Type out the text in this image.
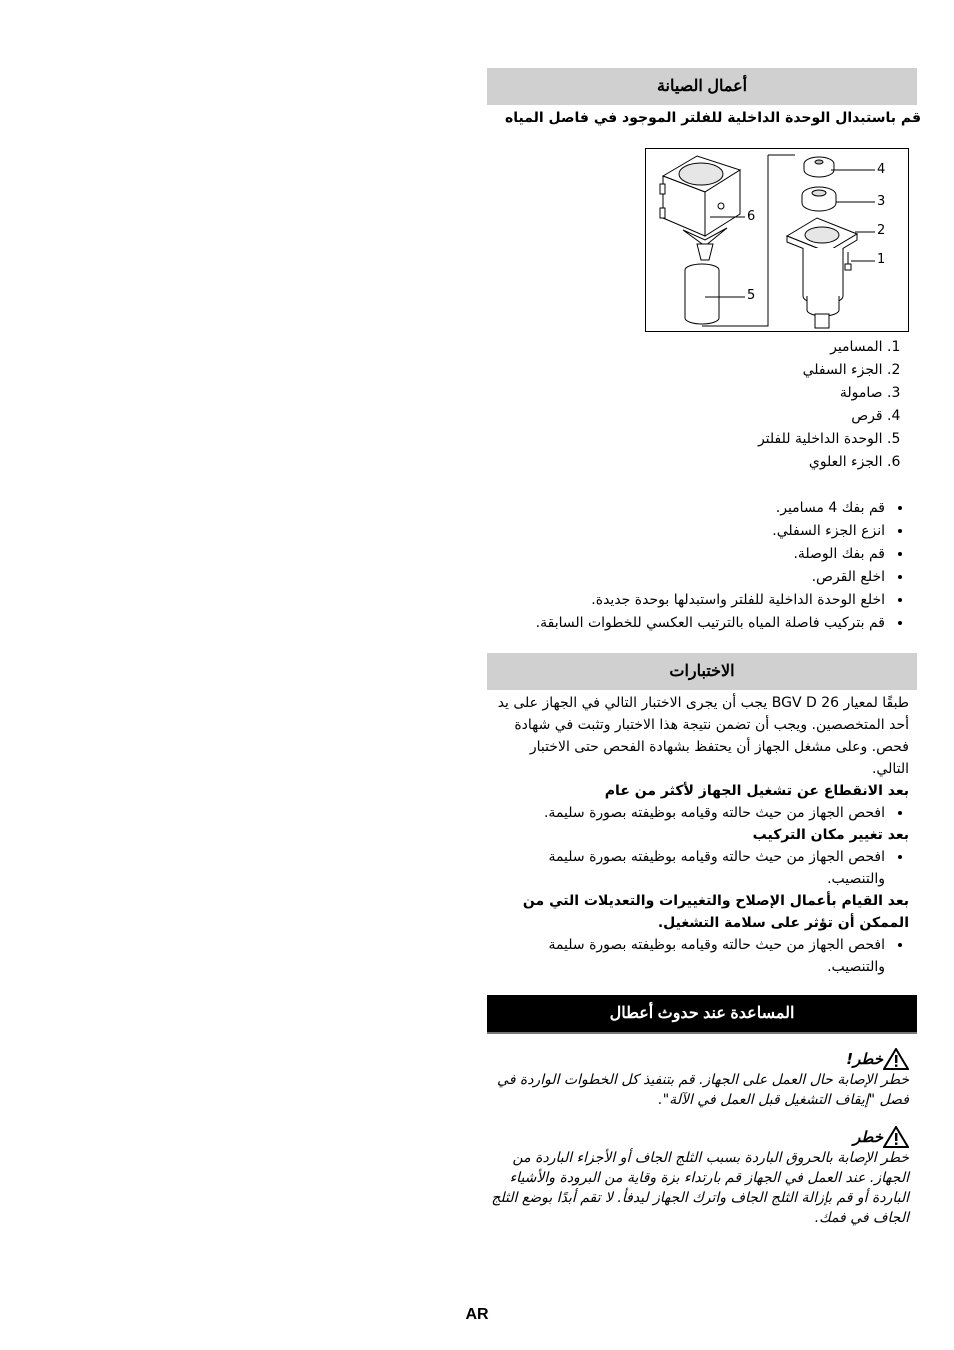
أعمال الصيانة
قم باستبدال الوحدة الداخلية للفلتر الموجود في فاصل المياه
4
3
2
1
6
5
1. المسامير
2. الجزء السفلي
3. صامولة
4. قرص
5. الوحدة الداخلية للفلتر
6. الجزء العلوي
• قم بفك 4 مسامير.
• انزع الجزء السفلي.
• قم بفك الوصلة.
• اخلع القرص.
• اخلع الوحدة الداخلية للفلتر واستبدلها بوحدة جديدة.
• قم بتركيب فاصلة المياه بالترتيب العكسي للخطوات السابقة.
الاختبارات
طبقًا لمعيار BGV D 26 يجب أن يجرى الاختبار التالي في الجهاز على يد أحد المتخصصين. ويجب أن تضمن نتيجة هذا الاختبار وتثبت في شهادة فحص. وعلى مشغل الجهاز أن يحتفظ بشهادة الفحص حتى الاختبار التالي.
بعد الانقطاع عن تشغيل الجهاز لأكثر من عام
• افحص الجهاز من حيث حالته وقيامه بوظيفته بصورة سليمة.
بعد تغيير مكان التركيب
• افحص الجهاز من حيث حالته وقيامه بوظيفته بصورة سليمة والتنصيب.
بعد القيام بأعمال الإصلاح والتغييرات والتعديلات التي من الممكن أن تؤثر على سلامة التشغيل.
• افحص الجهاز من حيث حالته وقيامه بوظيفته بصورة سليمة والتنصيب.
المساعدة عند حدوث أعطال
خطر!
خطر الإصابة حال العمل على الجهاز. قم بتنفيذ كل الخطوات الواردة في فصل "إيقاف التشغيل قبل العمل في الآلة".
خطر
خطر الإصابة بالحروق الباردة بسبب الثلج الجاف أو الأجزاء الباردة من الجهاز. عند العمل في الجهاز قم بارتداء بزة وقاية من البرودة والأشياء الباردة أو قم بإزالة الثلج الجاف واترك الجهاز ليدفأ. لا تقم أبدًا بوضع الثلج الجاف في فمك.
AR
